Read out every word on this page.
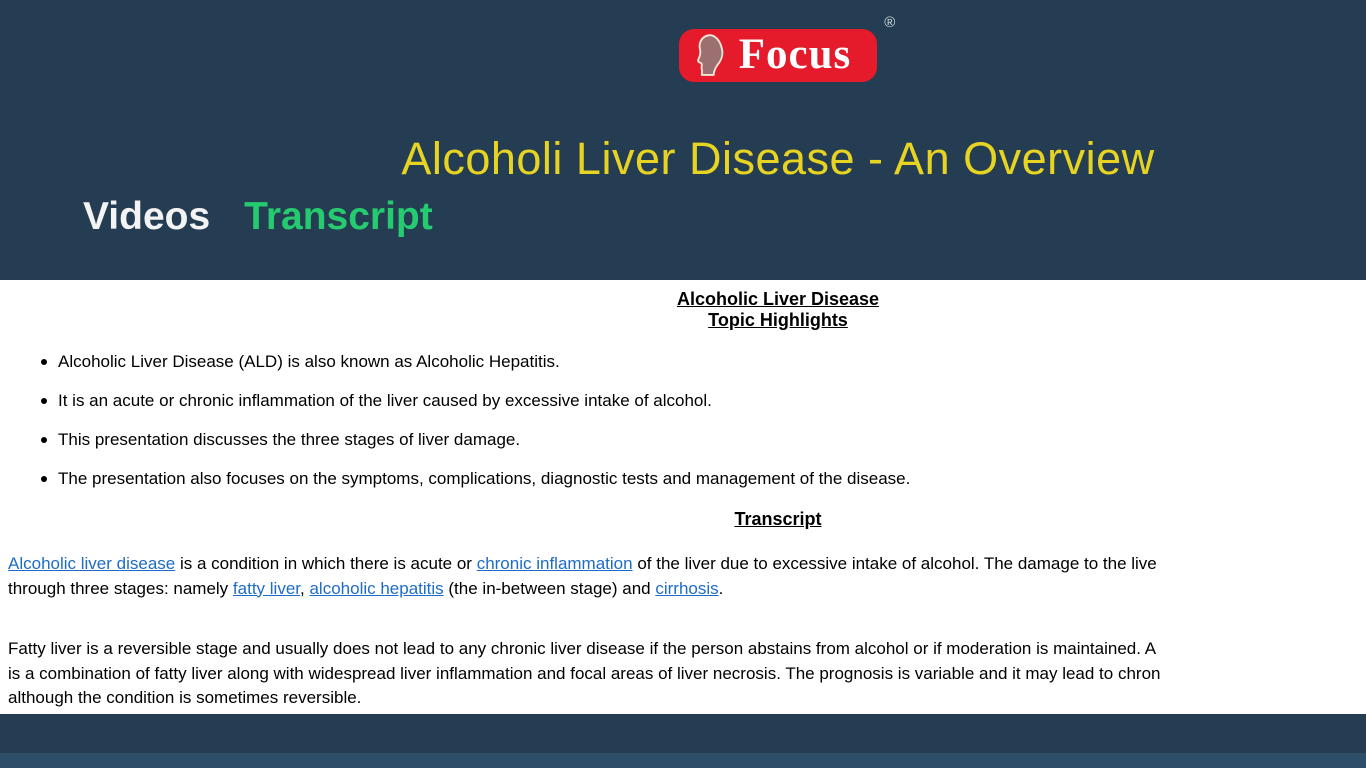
Focus
®
Alcoholi Liver Disease - An Overview
Videos Transcript
Alcoholic Liver Disease
Topic Highlights
Alcoholic Liver Disease (ALD) is also known as Alcoholic Hepatitis.
It is an acute or chronic inflammation of the liver caused by excessive intake of alcohol.
This presentation discusses the three stages of liver damage.
The presentation also focuses on the symptoms, complications, diagnostic tests and management of the disease.
Transcript
Alcoholic liver disease is a condition in which there is acute or chronic inflammation of the liver due to excessive intake of alcohol. The damage to the live
through three stages: namely fatty liver, alcoholic hepatitis (the in-between stage) and cirrhosis.
Fatty liver is a reversible stage and usually does not lead to any chronic liver disease if the person abstains from alcohol or if moderation is maintained. A
is a combination of fatty liver along with widespread liver inflammation and focal areas of liver necrosis. The prognosis is variable and it may lead to chron
although the condition is sometimes reversible.
